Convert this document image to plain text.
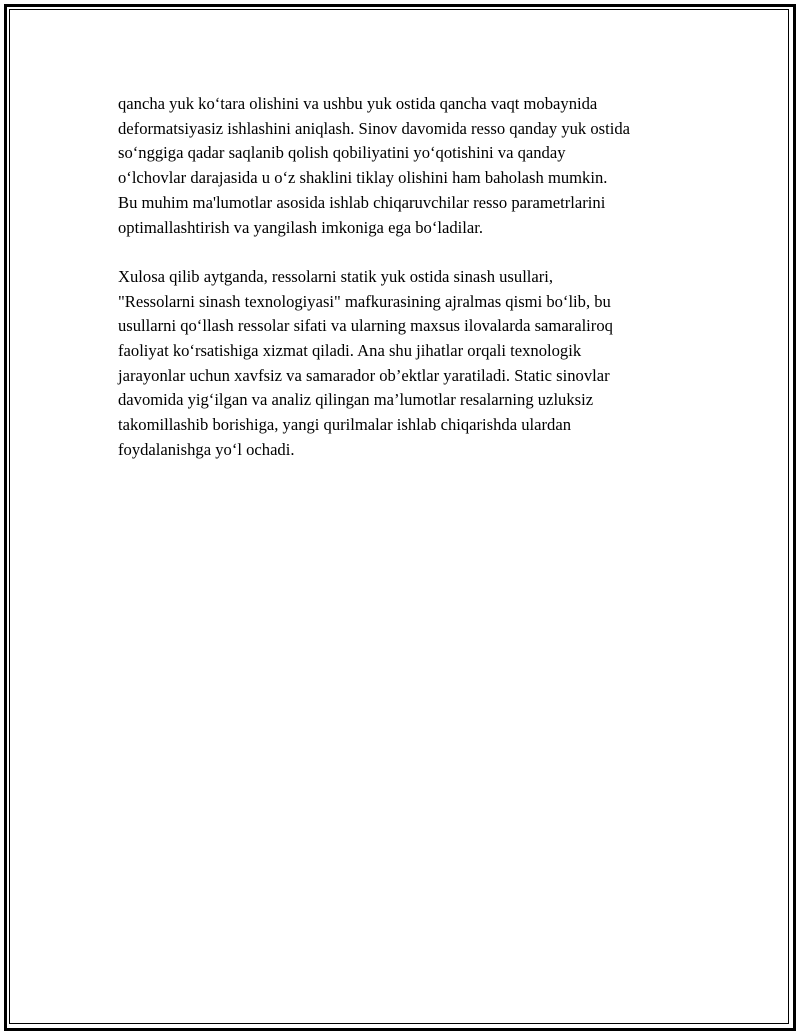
qancha yuk ko‘tara olishini va ushbu yuk ostida qancha vaqt mobaynida
deformatsiyasiz ishlashini aniqlash. Sinov davomida resso qanday yuk ostida
so‘nggiga qadar saqlanib qolish qobiliyatini yo‘qotishini va qanday
o‘lchovlar darajasida u o‘z shaklini tiklay olishini ham baholash mumkin.
Bu muhim ma'lumotlar asosida ishlab chiqaruvchilar resso parametrlarini
optimallashtirish va yangilash imkoniga ega bo‘ladilar.
Xulosa qilib aytganda, ressolarni statik yuk ostida sinash usullari,
"Ressolarni sinash texnologiyasi" mafkurasining ajralmas qismi bo‘lib, bu
usullarni qo‘llash ressolar sifati va ularning maxsus ilovalarda samaraliroq
faoliyat ko‘rsatishiga xizmat qiladi. Ana shu jihatlar orqali texnologik
jarayonlar uchun xavfsiz va samarador ob’ektlar yaratiladi. Static sinovlar
davomida yig‘ilgan va analiz qilingan ma’lumotlar resalarning uzluksiz
takomillashib borishiga, yangi qurilmalar ishlab chiqarishda ulardan
foydalanishga yo‘l ochadi.
